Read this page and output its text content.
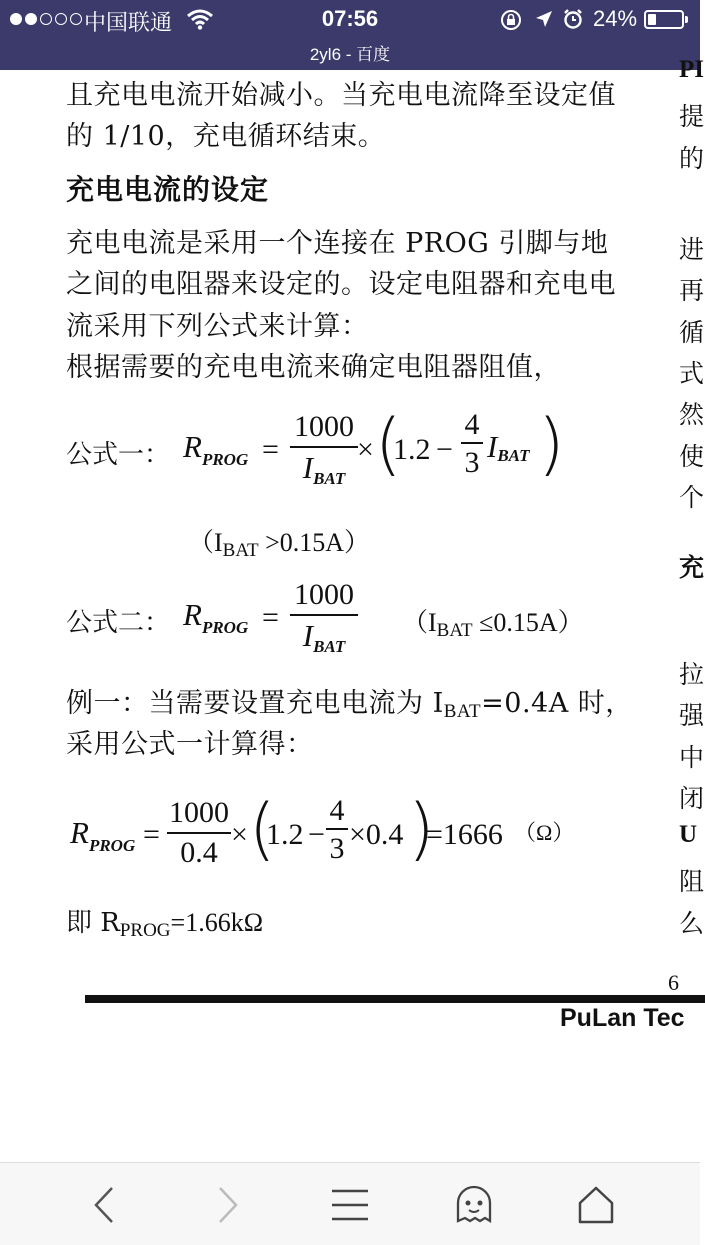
中国联通	07:56	24%
2yl6 - 百度
且充电电流开始减小。当充电电流降至设定值
的 1/10，充电循环结束。
充电电流的设定
充电电流是采用一个连接在 PROG 引脚与地
之间的电阻器来设定的。设定电阻器和充电电
流采用下列公式来计算：
根据需要的充电电流来确定电阻器阻值，
公式一： $R_{PROG}$ =
1000
$I_{BAT}$
× (
$1.2 - \frac{4}{3}$ IBAT )
（IBAT >0.15A）
公式二： $R_{PROG}$ =
1000
$I_{BAT}$
（IBAT ≤0.15A）
例一：当需要设置充电电流为 IBAT=0.4A 时，
采用公式一计算得：
$R_{PROG} = \frac{1000}{0.4}$ × (
$1.2 - \frac{4}{3} \times 0.4$ )
=1666 （Ω）
即 RPROG=1.66kΩ
PI
提
的
进
再
循
式
然
使
个
充
拉
强
中
闭
U
阻
么
6
PuLan Tec
